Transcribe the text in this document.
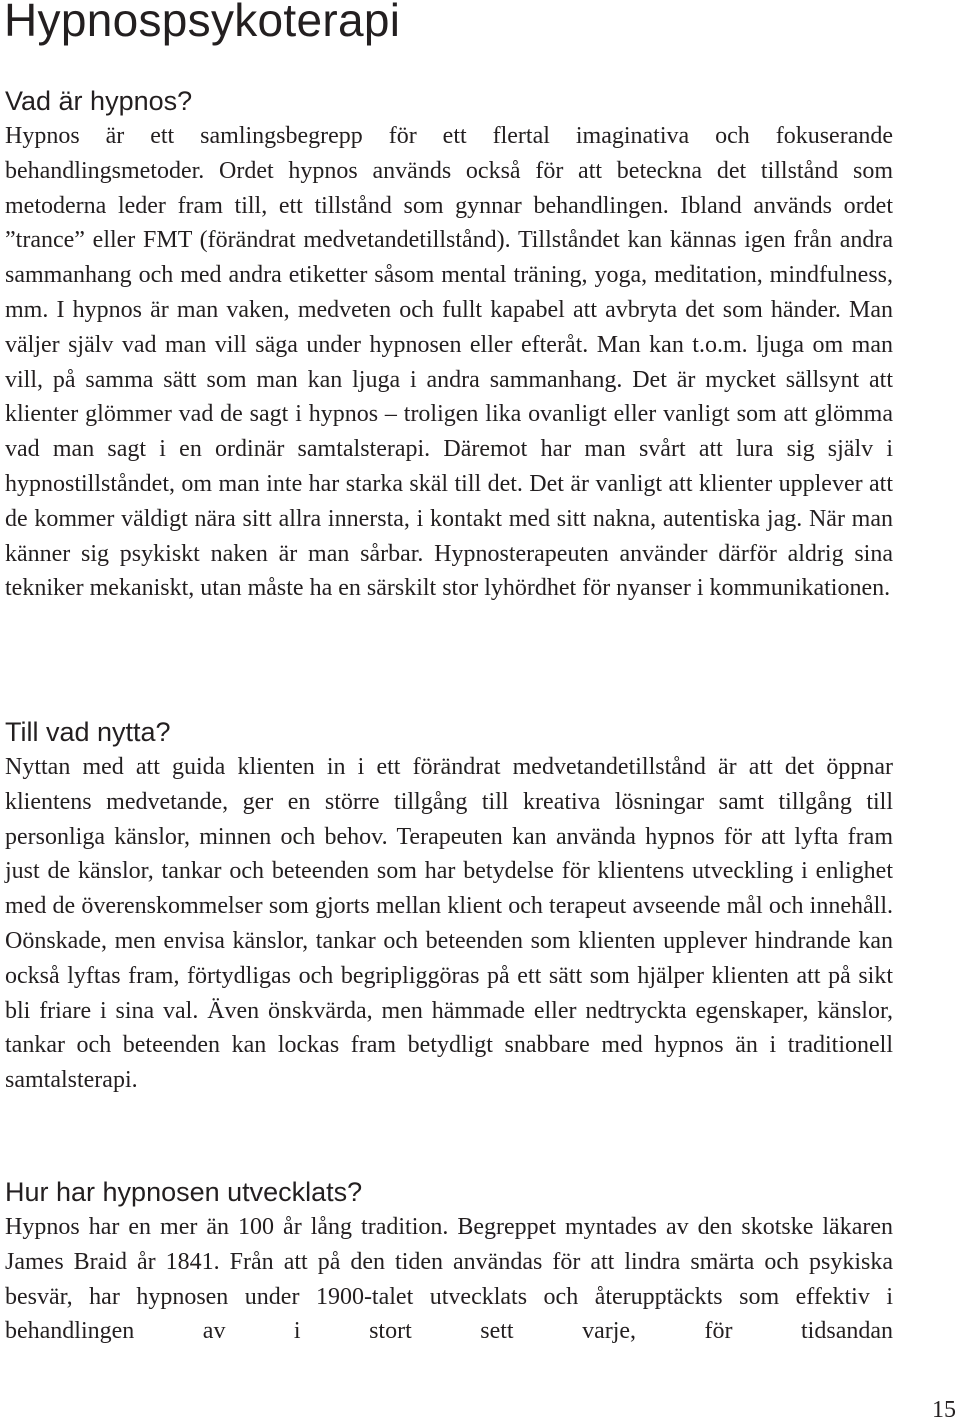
Hypnospsykoterapi
Vad är hypnos?

Hypnos är ett samlingsbegrepp för ett flertal imaginativa och fokuserande behandlingsmetoder. Ordet hypnos används också för att beteckna det tillstånd som metoderna leder fram till, ett tillstånd som gynnar behandlingen. Ibland används ordet ”trance” eller FMT (förändrat medvetandetillstånd). Tillståndet kan kännas igen från andra sammanhang och med andra etiketter såsom mental träning, yoga, meditation, mindfulness, mm. I hypnos är man vaken, medveten och fullt kapabel att avbryta det som händer. Man väljer själv vad man vill säga under hypnosen eller efteråt. Man kan t.o.m. ljuga om man vill, på samma sätt som man kan ljuga i andra sammanhang. Det är mycket sällsynt att klienter glömmer vad de sagt i hypnos – troligen lika ovanligt eller vanligt som att glömma vad man sagt i en ordinär samtalsterapi. Däremot har man svårt att lura sig själv i hypnostillståndet, om man inte har starka skäl till det. Det är vanligt att klienter upplever att de kommer väldigt nära sitt allra innersta, i kontakt med sitt nakna, autentiska jag. När man känner sig psykiskt naken är man sårbar. Hypnosterapeuten använder därför aldrig sina tekniker mekaniskt, utan måste ha en särskilt stor lyhördhet för nyanser i kommunikationen.

Till vad nytta?

Nyttan med att guida klienten in i ett förändrat medvetandetillstånd är att det öppnar klientens medvetande, ger en större tillgång till kreativa lösningar samt tillgång till personliga känslor, minnen och behov. Terapeuten kan använda hypnos för att lyfta fram just de känslor, tankar och beteenden som har betydelse för klientens utveckling i enlighet med de överenskommelser som gjorts mellan klient och terapeut avseende mål och innehåll. Oönskade, men envisa känslor, tankar och beteenden som klienten upplever hindrande kan också lyftas fram, förtydligas och begripliggöras på ett sätt som hjälper klienten att på sikt bli friare i sina val. Även önskvärda, men hämmade eller nedtryckta egenskaper, känslor, tankar och beteenden kan lockas fram betydligt snabbare med hypnos än i traditionell samtalsterapi.

Hur har hypnosen utvecklats?

Hypnos har en mer än 100 år lång tradition. Begreppet myntades av den skotske läkaren James Braid år 1841. Från att på den tiden användas för att lindra smärta och psykiska besvär, har hypnosen under 1900-talet utvecklats och återupptäckts som effektiv i behandlingen av i stort sett varje, för tidsandan

15
